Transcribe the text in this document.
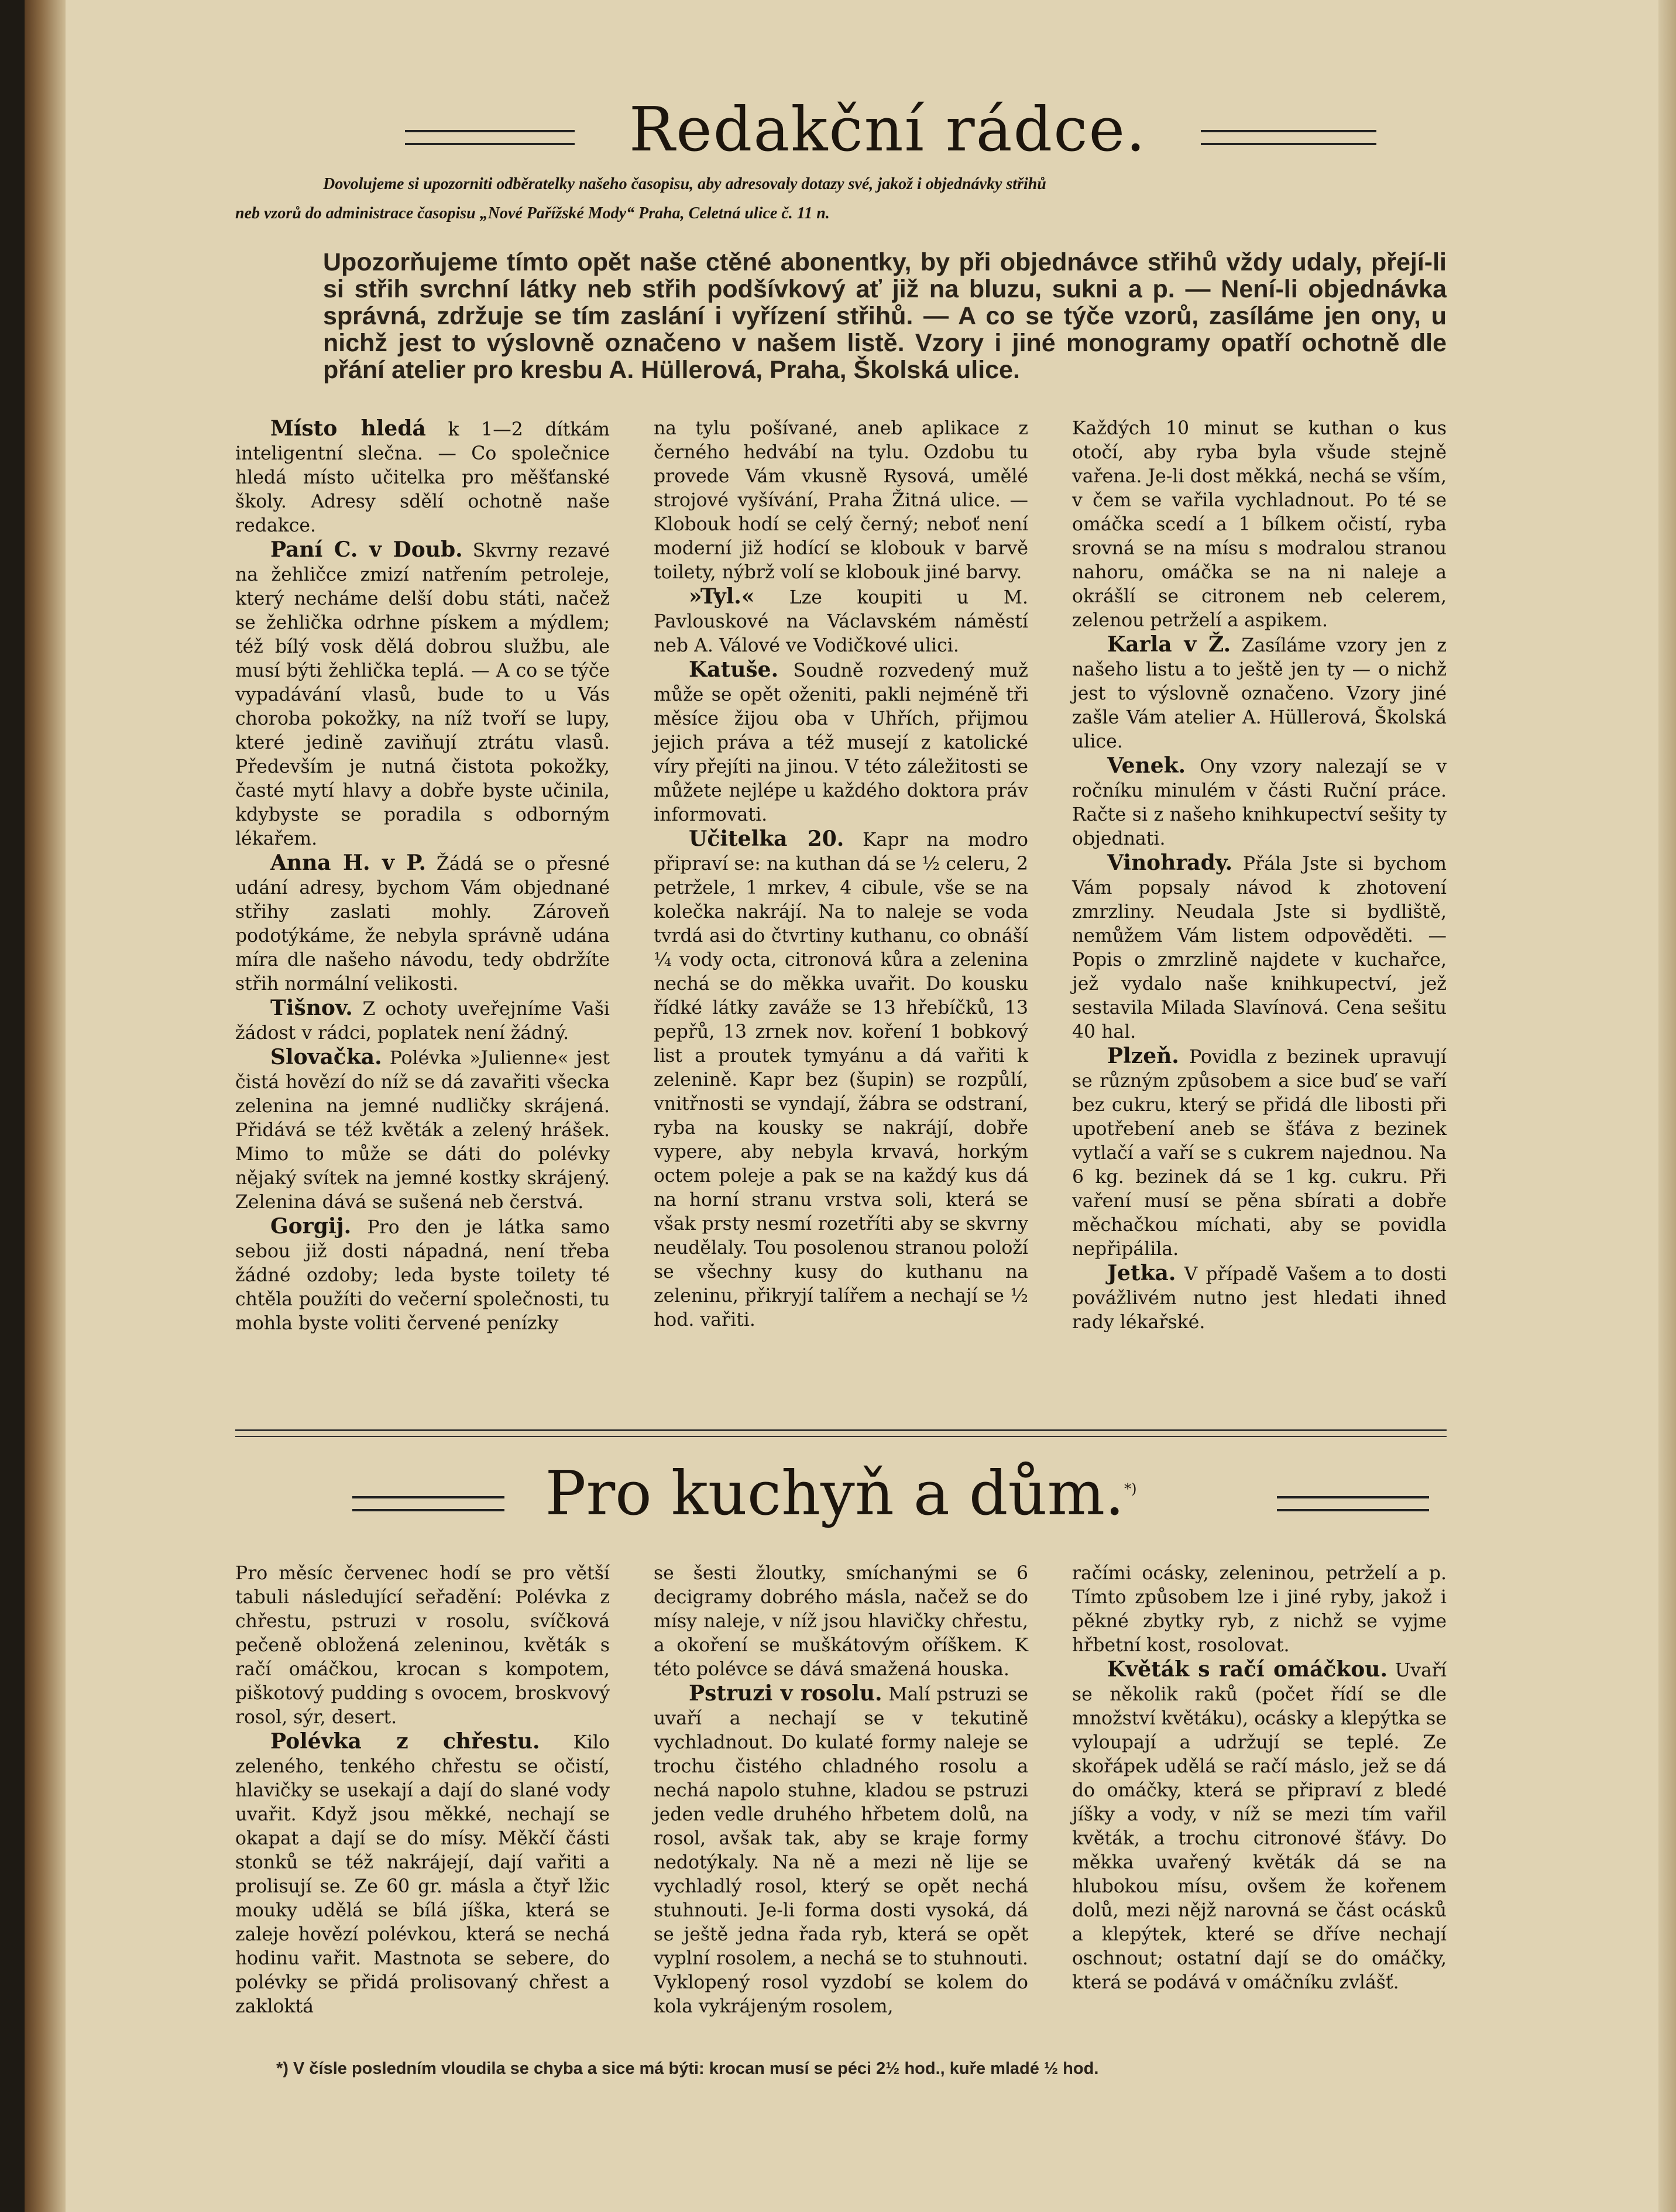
Redakční rádce.
Dovolujeme si upozorniti odběratelky našeho časopisu, aby adresovaly dotazy své, jakož i objednávky střihů
neb vzorů do administrace časopisu „Nové Pařížské Mody“ Praha, Celetná ulice č. 11 n.
Upozorňujeme tímto opět naše ctěné abonentky, by při objednávce střihů vždy udaly, přejí-li si střih svrchní látky neb střih podšívkový ať již na bluzu, sukni a p. — Není-li objednávka správná, zdržuje se tím zaslání i vyřízení střihů. — A co se týče vzorů, zasíláme jen ony, u nichž jest to výslovně označeno v našem listě. Vzory i jiné monogramy opatří ochotně dle přání atelier pro kresbu A. Hüllerová, Praha, Školská ulice.

Místo hledá k 1—2 dítkám inteligentní slečna. — Co společnice hledá místo učitelka pro měšťanské školy. Adresy sdělí ochotně naše redakce.

Paní C. v Doub. Skvrny rezavé na žehličce zmizí natřením petroleje, který necháme delší dobu státi, načež se žehlička odrhne pískem a mýdlem; též bílý vosk dělá dobrou službu, ale musí býti žehlička teplá. — A co se týče vypadávání vlasů, bude to u Vás choroba pokožky, na níž tvoří se lupy, které jedině zaviňují ztrátu vlasů. Především je nutná čistota pokožky, časté mytí hlavy a dobře byste učinila, kdybyste se poradila s odborným lékařem.

Anna H. v P. Žádá se o přesné udání adresy, bychom Vám objednané střihy zaslati mohly. Zároveň podotýkáme, že nebyla správně udána míra dle našeho návodu, tedy obdržíte střih normální velikosti.

Tišnov. Z ochoty uveřejníme Vaši žádost v rádci, poplatek není žádný.

Slovačka. Polévka »Julienne« jest čistá hovězí do níž se dá zavařiti všecka zelenina na jemné nudličky skrájená. Přidává se též květák a zelený hrášek. Mimo to může se dáti do polévky nějaký svítek na jemné kostky skrájený. Zelenina dává se sušená neb čerstvá.

Gorgij. Pro den je látka samo sebou již dosti nápadná, není třeba žádné ozdoby; leda byste toilety té chtěla použíti do večerní společnosti, tu mohla byste voliti červené penízky

na tylu pošívané, aneb aplikace z černého hedvábí na tylu. Ozdobu tu provede Vám vkusně Rysová, umělé strojové vyšívání, Praha Žitná ulice. — Klobouk hodí se celý černý; neboť není moderní již hodící se klobouk v barvě toilety, nýbrž volí se klobouk jiné barvy.

»Tyl.« Lze koupiti u M. Pavlouskové na Václavském náměstí neb A. Válové ve Vodičkové ulici.

Katuše. Soudně rozvedený muž může se opět oženiti, pakli nejméně tři měsíce žijou oba v Uhřích, přijmou jejich práva a též musejí z katolické víry přejíti na jinou. V této záležitosti se můžete nejlépe u každého doktora práv informovati.

Učitelka 20. Kapr na modro připraví se: na kuthan dá se ½ celeru, 2 petržele, 1 mrkev, 4 cibule, vše se na kolečka nakrájí. Na to naleje se voda tvrdá asi do čtvrtiny kuthanu, co obnáší ¼ vody octa, citronová kůra a zelenina nechá se do měkka uvařit. Do kousku řídké látky zaváže se 13 hřebíčků, 13 pepřů, 13 zrnek nov. koření 1 bobkový list a proutek tymyánu a dá vařiti k zelenině. Kapr bez (šupin) se rozpůlí, vnitřnosti se vyndají, žábra se odstraní, ryba na kousky se nakrájí, dobře vypere, aby nebyla krvavá, horkým octem poleje a pak se na každý kus dá na horní stranu vrstva soli, která se však prsty nesmí rozetříti aby se skvrny neudělaly. Tou posolenou stranou položí se všechny kusy do kuthanu na zeleninu, přikryjí talířem a nechají se ½ hod. vařiti.

Každých 10 minut se kuthan o kus otočí, aby ryba byla všude stejně vařena. Je-li dost měkká, nechá se vším, v čem se vařila vychladnout. Po té se omáčka scedí a 1 bílkem očistí, ryba srovná se na mísu s modralou stranou nahoru, omáčka se na ni naleje a okrášlí se citronem neb celerem, zelenou petrželí a aspikem.

Karla v Ž. Zasíláme vzory jen z našeho listu a to ještě jen ty — o nichž jest to výslovně označeno. Vzory jiné zašle Vám atelier A. Hüllerová, Školská ulice.

Venek. Ony vzory nalezají se v ročníku minulém v části Ruční práce. Račte si z našeho knihkupectví sešity ty objednati.

Vinohrady. Přála Jste si bychom Vám popsaly návod k zhotovení zmrzliny. Neudala Jste si bydliště, nemůžem Vám listem odpověděti. — Popis o zmrzlině najdete v kuchařce, jež vydalo naše knihkupectví, jež sestavila Milada Slavínová. Cena sešitu 40 hal.

Plzeň. Povidla z bezinek upravují se různým způsobem a sice buď se vaří bez cukru, který se přidá dle libosti při upotřebení aneb se šťáva z bezinek vytlačí a vaří se s cukrem najednou. Na 6 kg. bezinek dá se 1 kg. cukru. Při vaření musí se pěna sbírati a dobře měchačkou míchati, aby se povidla nepřipálila.

Jetka. V případě Vašem a to dosti povážlivém nutno jest hledati ihned rady lékařské.

Pro kuchyň a dům.*)

Pro měsíc červenec hodí se pro větší tabuli následující seřadění: Polévka z chřestu, pstruzi v rosolu, svíčková pečeně obložená zeleninou, květák s račí omáčkou, krocan s kompotem, piškotový pudding s ovocem, broskvový rosol, sýr, desert.

Polévka z chřestu. Kilo zeleného, tenkého chřestu se očistí, hlavičky se usekají a dají do slané vody uvařit. Když jsou měkké, nechají se okapat a dají se do mísy. Měkčí části stonků se též nakrájejí, dají vařiti a prolisují se. Ze 60 gr. másla a čtyř lžic mouky udělá se bílá jíška, která se zaleje hovězí polévkou, která se nechá hodinu vařit. Mastnota se sebere, do polévky se přidá prolisovaný chřest a zakloktá

se šesti žloutky, smíchanými se 6 decigramy dobrého másla, načež se do mísy naleje, v níž jsou hlavičky chřestu, a okoření se muškátovým oříškem. K této polévce se dává smažená houska.

Pstruzi v rosolu. Malí pstruzi se uvaří a nechají se v tekutině vychladnout. Do kulaté formy naleje se trochu čistého chladného rosolu a nechá napolo stuhne, kladou se pstruzi jeden vedle druhého hřbetem dolů, na rosol, avšak tak, aby se kraje formy nedotýkaly. Na ně a mezi ně lije se vychladlý rosol, který se opět nechá stuhnouti. Je-li forma dosti vysoká, dá se ještě jedna řada ryb, která se opět vyplní rosolem, a nechá se to stuhnouti. Vyklopený rosol vyzdobí se kolem do kola vykrájeným rosolem,

račími ocásky, zeleninou, petrželí a p. Tímto způsobem lze i jiné ryby, jakož i pěkné zbytky ryb, z nichž se vyjme hřbetní kost, rosolovat.

Květák s račí omáčkou. Uvaří se několik raků (počet řídí se dle množství květáku), ocásky a klepýtka se vyloupají a udržují se teplé. Ze skořápek udělá se račí máslo, jež se dá do omáčky, která se připraví z bledé jíšky a vody, v níž se mezi tím vařil květák, a trochu citronové šťávy. Do měkka uvařený květák dá se na hlubokou mísu, ovšem že kořenem dolů, mezi nějž narovná se část ocásků a klepýtek, které se dříve nechají oschnout; ostatní dají se do omáčky, která se podává v omáčníku zvlášť.

*) V čísle posledním vloudila se chyba a sice má býti: krocan musí se péci 2½ hod., kuře mladé ½ hod.
